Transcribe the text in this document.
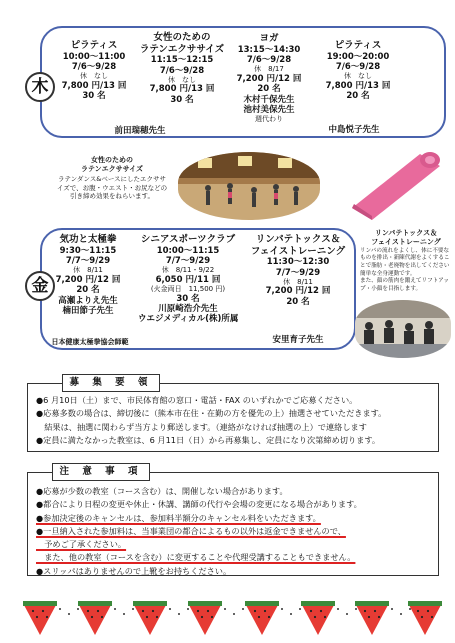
木
ピラティス
10:00～11:00
7/6～9/28
休　なし
7,800 円/13 回
30 名
前田瑞穂先生
女性のための
ラテンエクササイズ
11:15～12:15
7/6～9/28
休　なし
7,800 円/13 回
30 名
ヨガ
13:15～14:30
7/6～9/28
休　8/17
7,200 円/12 回
20 名
木村千保先生
池村美保先生
週代わり
ピラティス
19:00～20:00
7/6～9/28
休　なし
7,800 円/13 回
20 名
中島悦子先生
女性のための
ラテンエクササイズ
ラテンダンス&ベースにしたエクササ
イズで、お腹・ウエスト・お尻などの
引き締め効果をねらいます。
金
気功と太極拳
9:30～11:15
7/7～9/29
休　8/11
7,200 円/12 回
20 名
高瀬よりえ先生
楠田節子先生
日本健康太極拳協会師範
シニアスポーツクラブ
10:00～11:15
7/7～9/29
休　8/11・9/22
6,050 円/11 回
(火金両日　11,500 円)
30 名
川原崎浩介先生
ウエジメディカル(株)所属
リンパテトックス＆
フェイストレーニング
11:30～12:30
7/7～9/29
休　8/11
7,200 円/12 回
20 名
安里育子先生
リンパテトックス＆
フェイストレーニング
リンパの流れをよくし、体に不要な
ものを排出・新陳代謝をよくするこ
とで脂肪・老廃物を出してください
簡単な全身運動です。
また、顔の筋肉を鍛えてリフトアッ
プ・小顔を目指します。

●6 月10日（土）まで、市民体育館の窓口・電話・FAX のいずれかでご応募ください。

●応募多数の場合は、締切後に（熊本市在住・在勤の方を優先の上）抽選させていただきます。

　結果は、抽選に関わらず当方より郵送します。（連絡がなければ抽選の上）で連絡します

●定員に満たなかった教室は、6 月11日（日）から再募集し、定員になり次第締め切ります。

募 集 要 領

●応募が少数の教室（コース含む）は、開催しない場合があります。

●都合により日程の変更や休止・休講、講師の代行や会場の変更になる場合があります。

●参加決定後のキャンセルは、参加料半額分のキャンセル料をいただきます。

●一旦納入された参加料は、当事業団の都合によるもの以外は返金できませんので、

　予めご了承ください。

　また、他の教室（コースを含む）に変更することや代理受講することもできません。

●スリッパはありませんので上靴をお持ちください。

注 意 事 項
